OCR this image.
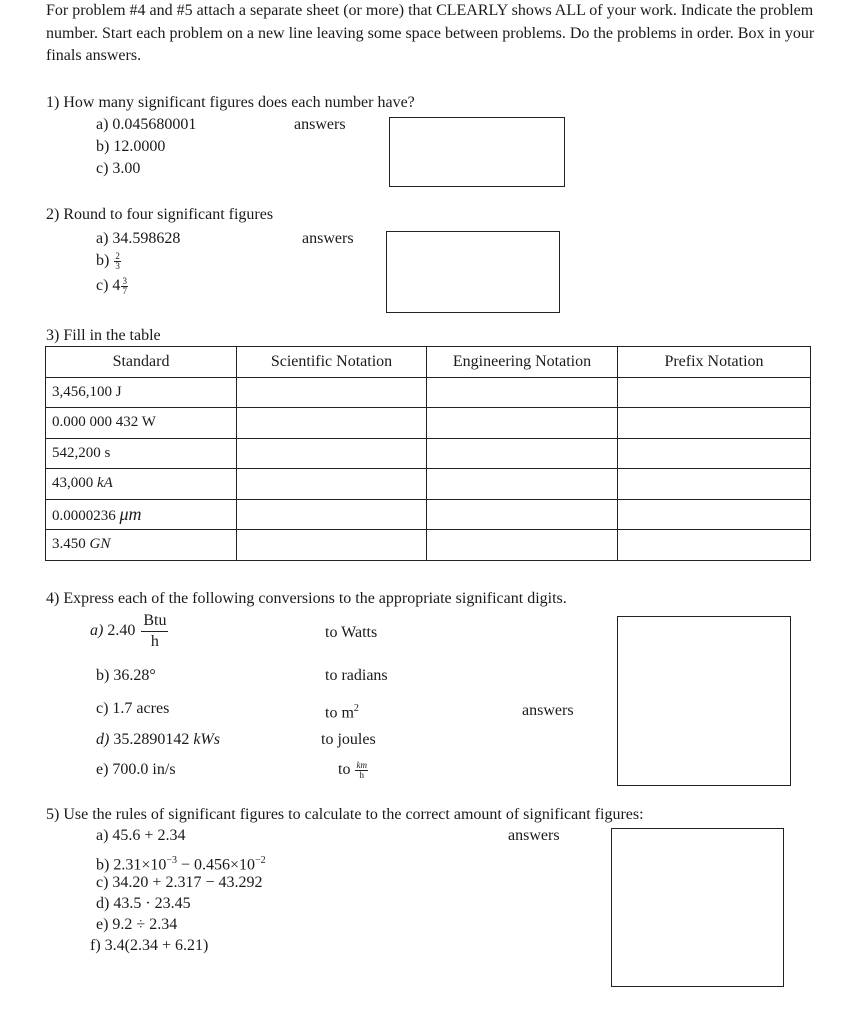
For problem #4 and #5 attach a separate sheet (or more) that CLEARLY shows ALL of your work. Indicate the problem number. Start each problem on a new line leaving some space between problems. Do the problems in order. Box in your finals answers.
1) How many significant figures does each number have?
a) 0.045680001
b) 12.0000
c) 3.00
answers
2) Round to four significant figures
a) 34.598628
$b) \frac{2}{3}$
c) $4 \frac{3}{7}$
answers
3) Fill in the table
Standard	Scientific Notation	Engineering Notation	Prefix Notation
3,456,100 J			
0.000 000 432 W			
542,200 s			
43,000 kA			
0.0000236 μm			
3.450 GN			
4) Express each of the following conversions to the appropriate significant digits.
a) 2.40
Btu
h
to Watts
b) 36.28°	to radians
c) 1.7 acres	to $m^2$
d) 35.2890142 kWs	to joules
e) 700.0 in/s	to $\frac{km}{h}$
answers
5) Use the rules of significant figures to calculate to the correct amount of significant figures:
answers
a) 45.6 + 2.34
b) $2.31\times 10^{-3} - 0.456\times 10^{-2}$
c) 34.20 + 2.317 − 43.292
d) 43.5 · 23.45
e) 9.2 ÷ 2.34
f) 3.4(2.34 + 6.21)
